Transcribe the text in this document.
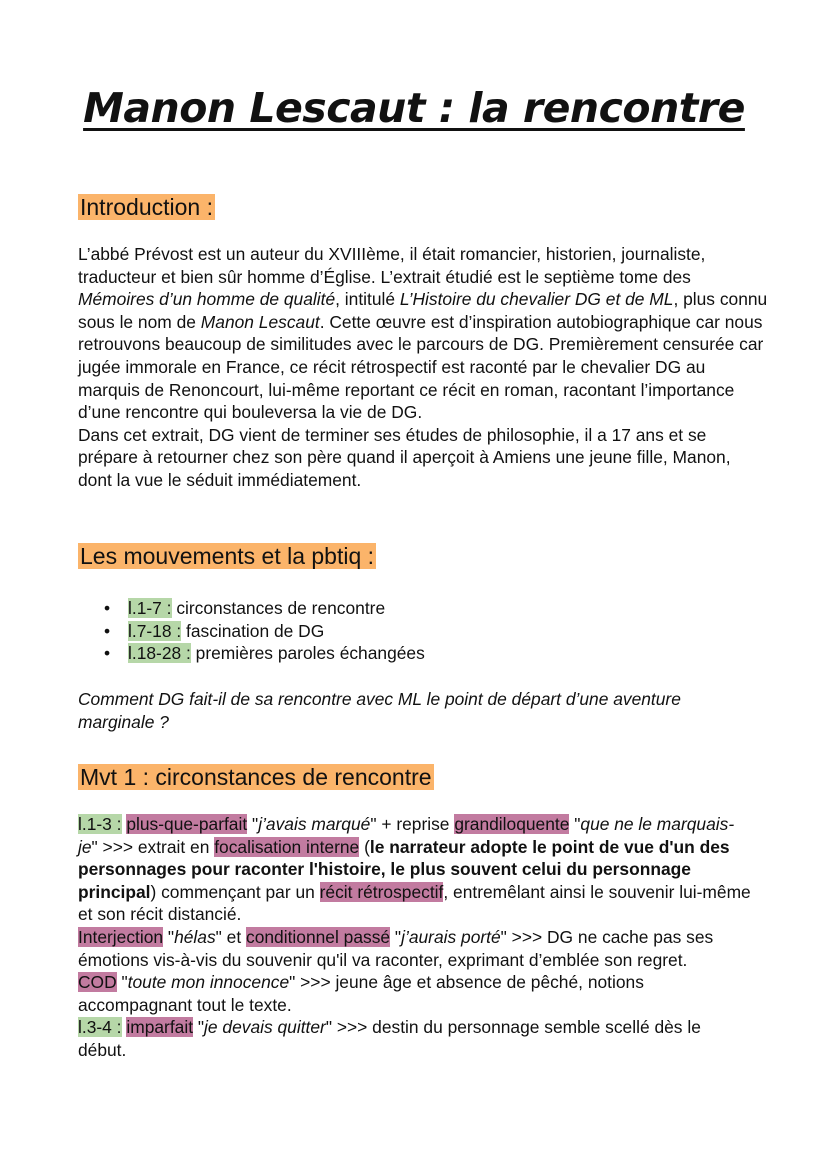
Manon Lescaut : la rencontre
Introduction :

L’abbé Prévost est un auteur du XVIIIème, il était romancier, historien, journaliste, traducteur et bien sûr homme d’Église. L’extrait étudié est le septième tome des Mémoires d’un homme de qualité, intitulé L’Histoire du chevalier DG et de ML, plus connu sous le nom de Manon Lescaut. Cette œuvre est d’inspiration autobiographique car nous retrouvons beaucoup de similitudes avec le parcours de DG. Premièrement censurée car jugée immorale en France, ce récit rétrospectif est raconté par le chevalier DG au marquis de Renoncourt, lui-même reportant ce récit en roman, racontant l’importance d’une rencontre qui bouleversa la vie de DG.
Dans cet extrait, DG vient de terminer ses études de philosophie, il a 17 ans et se prépare à retourner chez son père quand il aperçoit à Amiens une jeune fille, Manon, dont la vue le séduit immédiatement.

Les mouvements et la pbtiq :
• l.1-7 : circonstances de rencontre
• l.7-18 : fascination de DG
• l.18-28 : premières paroles échangées

Comment DG fait-il de sa rencontre avec ML le point de départ d’une aventure marginale ?

Mvt 1 : circonstances de rencontre

l.1-3 : plus-que-parfait "j’avais marqué" + reprise grandiloquente "que ne le marquais-je" >>> extrait en focalisation interne (le narrateur adopte le point de vue d'un des personnages pour raconter l'histoire, le plus souvent celui du personnage principal) commençant par un récit rétrospectif, entremêlant ainsi le souvenir lui-même et son récit distancié.
Interjection "hélas" et conditionnel passé "j’aurais porté" >>> DG ne cache pas ses émotions vis-à-vis du souvenir qu'il va raconter, exprimant d’emblée son regret.
COD "toute mon innocence" >>> jeune âge et absence de pêché, notions accompagnant tout le texte.
l.3-4 : imparfait "je devais quitter" >>> destin du personnage semble scellé dès le début.
